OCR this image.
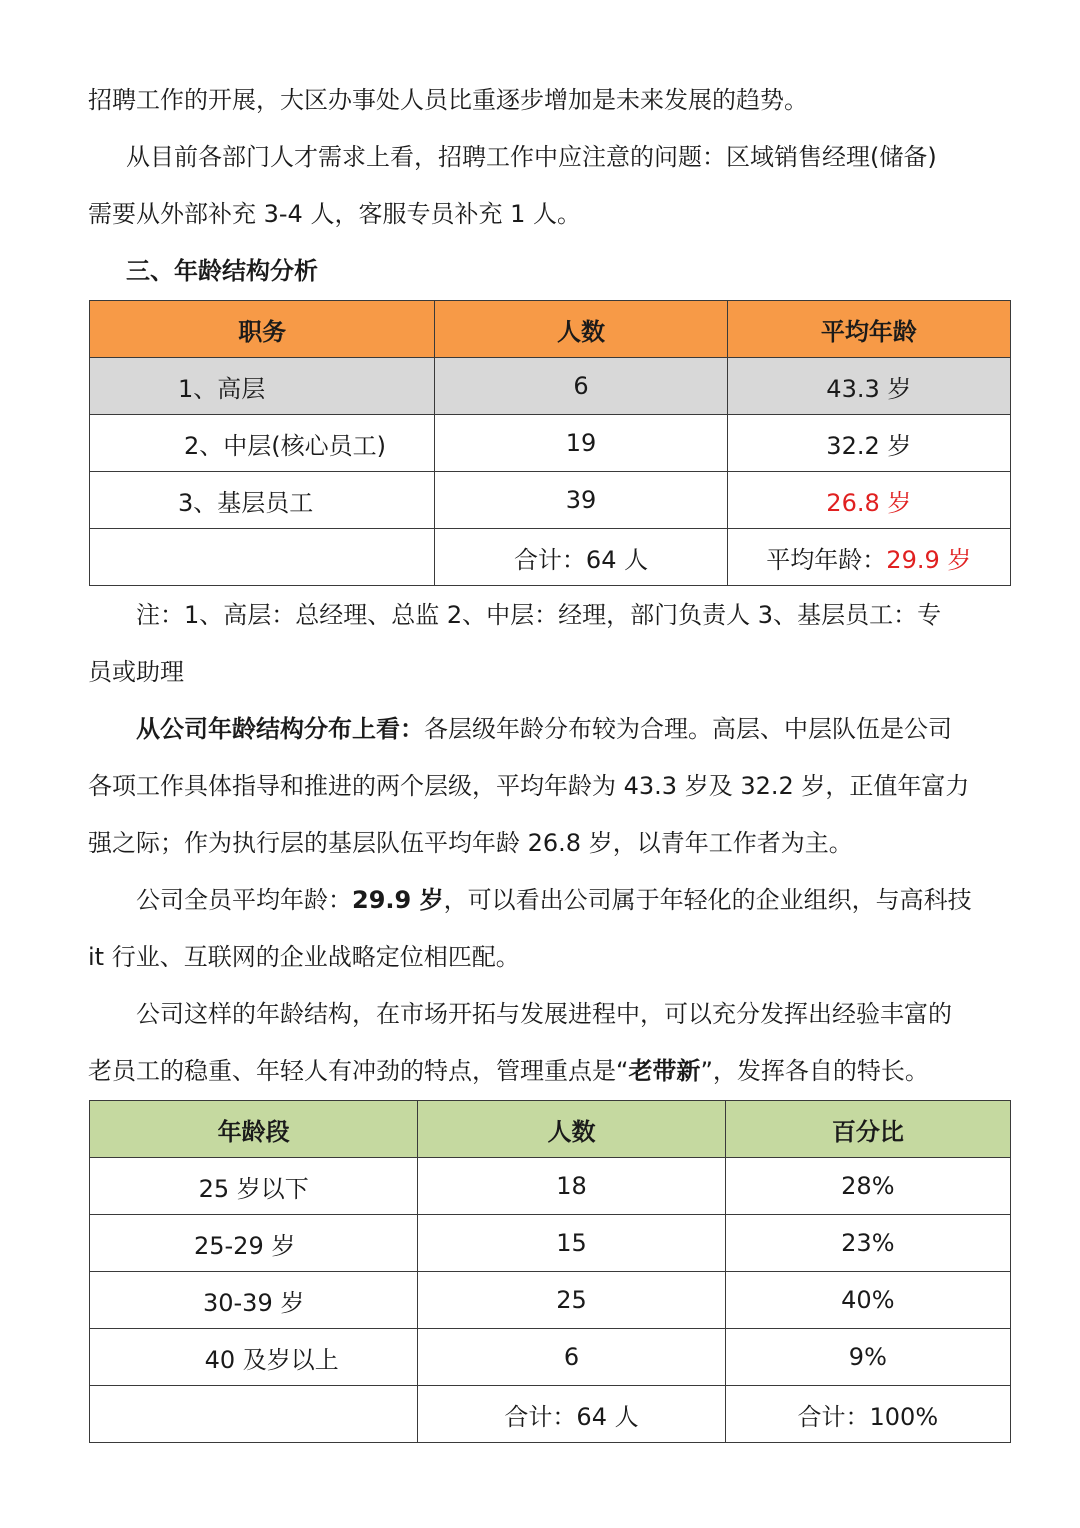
招聘工作的开展，大区办事处人员比重逐步增加是未来发展的趋势。

从目前各部门人才需求上看，招聘工作中应注意的问题：区域销售经理(储备)

需要从外部补充 3-4 人，客服专员补充 1 人。

三、年龄结构分析

职务	人数	平均年龄
1、高层	6	43.3 岁
2、中层(核心员工)	19	32.2 岁
3、基层员工	39	26.8 岁
	合计：64 人	平均年龄：29.9 岁

注：1、高层：总经理、总监 2、中层：经理，部门负责人 3、基层员工：专

员或助理

从公司年龄结构分布上看：各层级年龄分布较为合理。高层、中层队伍是公司

各项工作具体指导和推进的两个层级，平均年龄为 43.3 岁及 32.2 岁，正值年富力

强之际；作为执行层的基层队伍平均年龄 26.8 岁，以青年工作者为主。

公司全员平均年龄：29.9 岁，可以看出公司属于年轻化的企业组织，与高科技

it 行业、互联网的企业战略定位相匹配。

公司这样的年龄结构，在市场开拓与发展进程中，可以充分发挥出经验丰富的

老员工的稳重、年轻人有冲劲的特点，管理重点是“老带新”，发挥各自的特长。

年龄段	人数	百分比
25 岁以下	18	28%
25-29 岁	15	23%
30-39 岁	25	40%
40 及岁以上	6	9%
	合计：64 人	合计：100%
